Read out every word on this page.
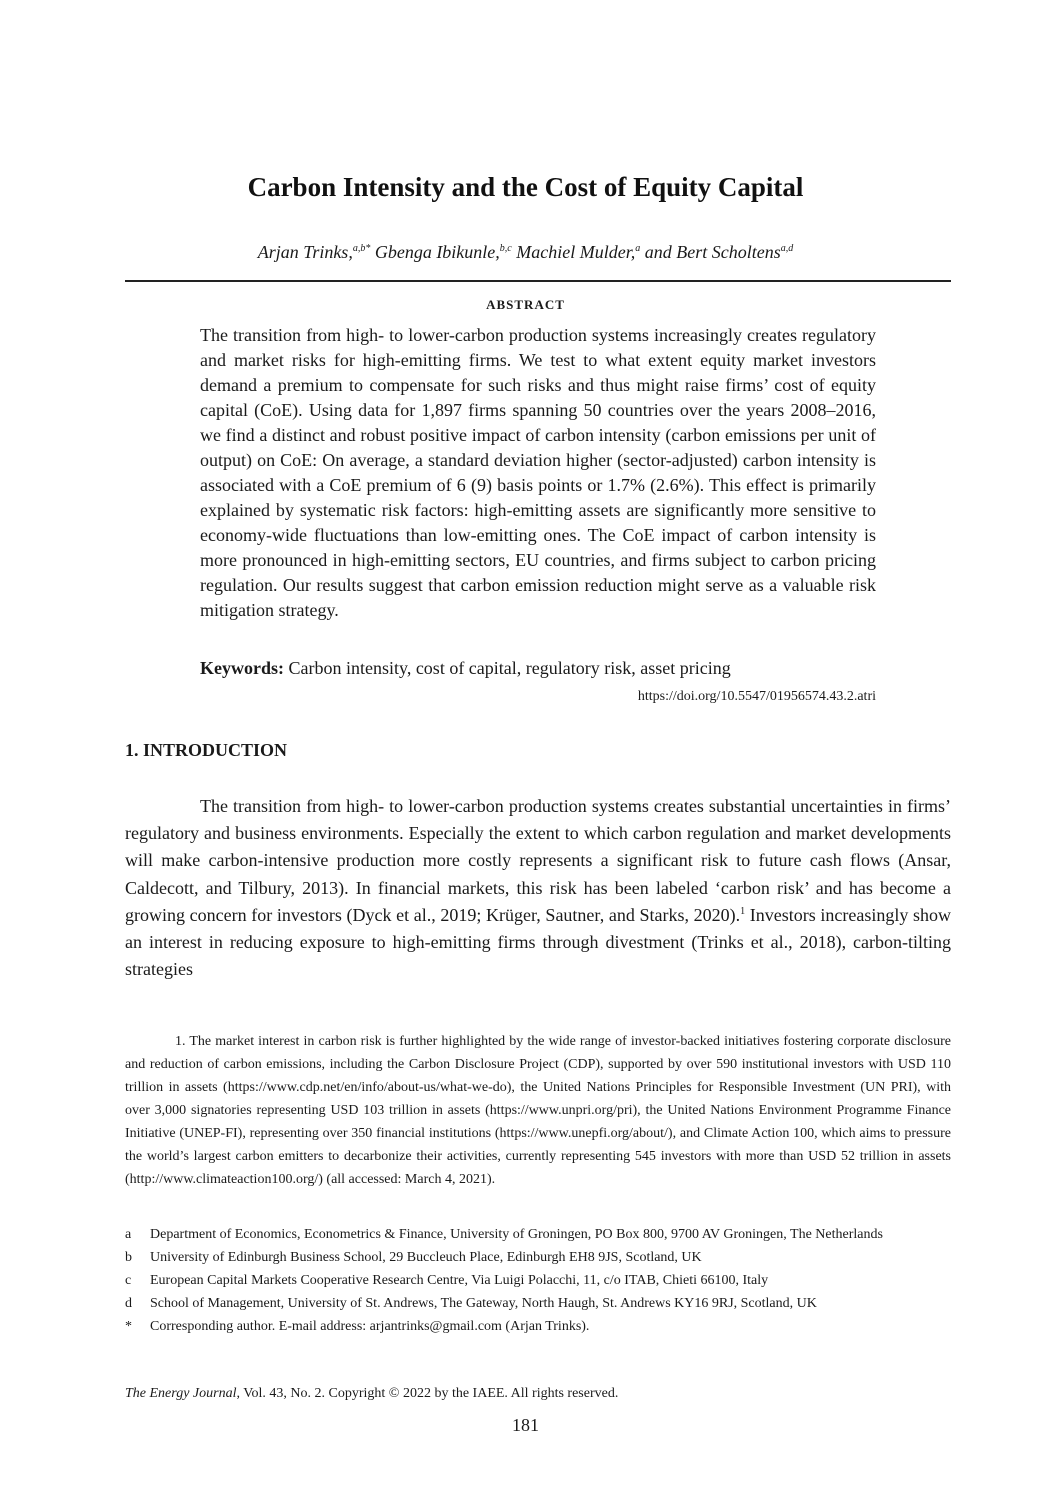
Carbon Intensity and the Cost of Equity Capital
Arjan Trinks,$^{a,b*}$ Gbenga Ibikunle,$^{b,c}$ Machiel Mulder,$^a$ and Bert Scholtens$^{a,d}$
ABSTRACT

The transition from high- to lower-carbon production systems increasingly creates regulatory and market risks for high-emitting firms. We test to what extent equity market investors demand a premium to compensate for such risks and thus might raise firms’ cost of equity capital (CoE). Using data for 1,897 firms spanning 50 countries over the years 2008–2016, we find a distinct and robust positive impact of carbon intensity (carbon emissions per unit of output) on CoE: On average, a standard deviation higher (sector-adjusted) carbon intensity is associated with a CoE premium of 6 (9) basis points or 1.7% (2.6%). This effect is primarily explained by systematic risk factors: high-emitting assets are significantly more sensitive to economy-wide fluctuations than low-emitting ones. The CoE impact of carbon intensity is more pronounced in high-emitting sectors, EU countries, and firms subject to carbon pricing regulation. Our results suggest that carbon emission reduction might serve as a valuable risk mitigation strategy.

Keywords: Carbon intensity, cost of capital, regulatory risk, asset pricing
https://doi.org/10.5547/01956574.43.2.atri
1. INTRODUCTION

The transition from high- to lower-carbon production systems creates substantial uncertainties in firms’ regulatory and business environments. Especially the extent to which carbon regulation and market developments will make carbon-intensive production more costly represents a significant risk to future cash flows (Ansar, Caldecott, and Tilbury, 2013). In financial markets, this risk has been labeled ‘carbon risk’ and has become a growing concern for investors (Dyck et al., 2019; Krüger, Sautner, and Starks, 2020).$^1$ Investors increasingly show an interest in reducing exposure to high-emitting firms through divestment (Trinks et al., 2018), carbon-tilting strategies

1. The market interest in carbon risk is further highlighted by the wide range of investor-backed initiatives fostering corporate disclosure and reduction of carbon emissions, including the Carbon Disclosure Project (CDP), supported by over 590 institutional investors with USD 110 trillion in assets (https://www.cdp.net/en/info/about-us/what-we-do), the United Nations Principles for Responsible Investment (UN PRI), with over 3,000 signatories representing USD 103 trillion in assets (https://www.unpri.org/pri), the United Nations Environment Programme Finance Initiative (UNEP-FI), representing over 350 financial institutions (https://www.unepfi.org/about/), and Climate Action 100, which aims to pressure the world’s largest carbon emitters to decarbonize their activities, currently representing 545 investors with more than USD 52 trillion in assets (http://www.climateaction100.org/) (all accessed: March 4, 2021).

a	Department of Economics, Econometrics & Finance, University of Groningen, PO Box 800, 9700 AV Groningen, The Netherlands
b	University of Edinburgh Business School, 29 Buccleuch Place, Edinburgh EH8 9JS, Scotland, UK
c	European Capital Markets Cooperative Research Centre, Via Luigi Polacchi, 11, c/o ITAB, Chieti 66100, Italy
d	School of Management, University of St. Andrews, The Gateway, North Haugh, St. Andrews KY16 9RJ, Scotland, UK
*	Corresponding author. E-mail address: arjantrinks@gmail.com (Arjan Trinks).
The Energy Journal, Vol. 43, No. 2. Copyright © 2022 by the IAEE. All rights reserved.
181
